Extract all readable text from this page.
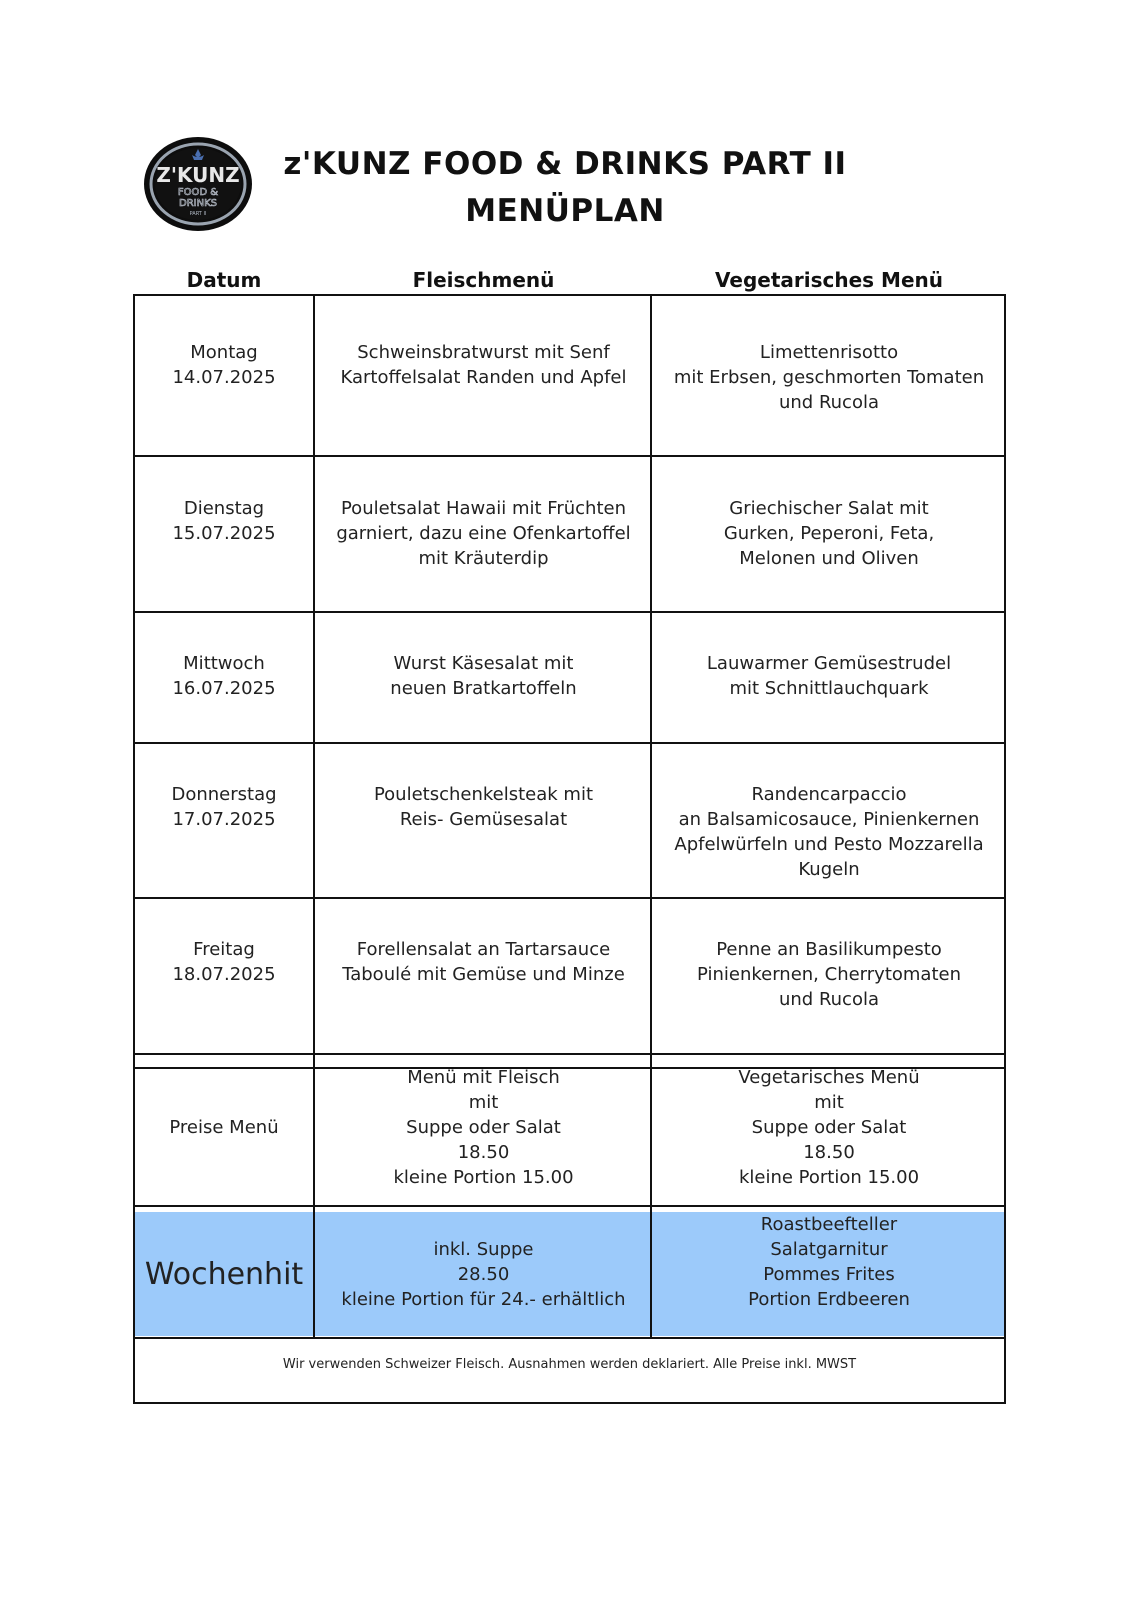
Z'KUNZ
FOOD &
DRINKS
PART II
z'KUNZ FOOD & DRINKS PART II
MENÜPLAN
Datum	Fleischmenü	Vegetarisches Menü
Montag
14.07.2025
Schweinsbratwurst mit Senf
Kartoffelsalat Randen und Apfel
Limettenrisotto
mit Erbsen, geschmorten Tomaten
und Rucola
Dienstag
15.07.2025
Pouletsalat Hawaii mit Früchten
garniert, dazu eine Ofenkartoffel
mit Kräuterdip
Griechischer Salat mit
Gurken, Peperoni, Feta,
Melonen und Oliven
Mittwoch
16.07.2025
Wurst Käsesalat mit
neuen Bratkartoffeln
Lauwarmer Gemüsestrudel
mit Schnittlauchquark
Donnerstag
17.07.2025
Pouletschenkelsteak mit
Reis- Gemüsesalat
Randencarpaccio
an Balsamicosauce, Pinienkernen
Apfelwürfeln und Pesto Mozzarella
Kugeln
Freitag
18.07.2025
Forellensalat an Tartarsauce
Taboulé mit Gemüse und Minze
Penne an Basilikumpesto
Pinienkernen, Cherrytomaten
und Rucola
Preise Menü
Menü mit Fleisch
mit
Suppe oder Salat
18.50
kleine Portion 15.00
Vegetarisches Menü
mit
Suppe oder Salat
18.50
kleine Portion 15.00
Wochenhit
inkl. Suppe
28.50
kleine Portion für 24.- erhältlich
Roastbeefteller
Salatgarnitur
Pommes Frites
Portion Erdbeeren
Wir verwenden Schweizer Fleisch. Ausnahmen werden deklariert. Alle Preise inkl. MWST
